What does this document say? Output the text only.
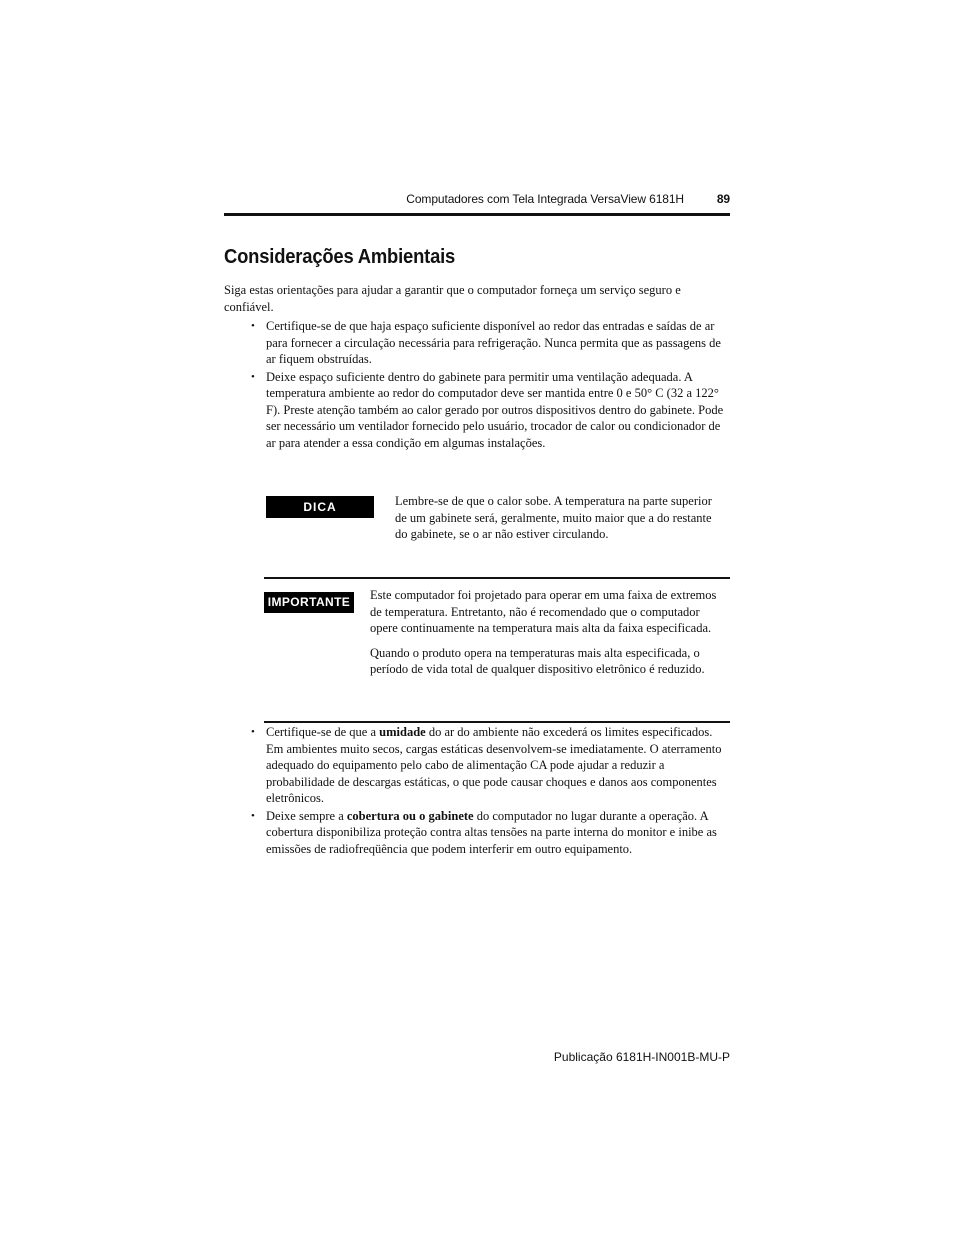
Computadores com Tela Integrada VersaView 6181H	89
Considerações Ambientais

Siga estas orientações para ajudar a garantir que o computador forneça um serviço seguro e confiável.

• Certifique-se de que haja espaço suficiente disponível ao redor das entradas e saídas de ar para fornecer a circulação necessária para refrigeração. Nunca permita que as passagens de ar fiquem obstruídas.
• Deixe espaço suficiente dentro do gabinete para permitir uma ventilação adequada. A temperatura ambiente ao redor do computador deve ser mantida entre 0 e 50° C (32 a 122° F). Preste atenção também ao calor gerado por outros dispositivos dentro do gabinete. Pode ser necessário um ventilador fornecido pelo usuário, trocador de calor ou condicionador de ar para atender a essa condição em algumas instalações.
DICA	Lembre-se de que o calor sobe. A temperatura na parte superior de um gabinete será, geralmente, muito maior que a do restante do gabinete, se o ar não estiver circulando.

IMPORTANTE	Este computador foi projetado para operar em uma faixa de extremos de temperatura. Entretanto, não é recomendado que o computador opere continuamente na temperatura mais alta da faixa especificada.

Quando o produto opera na temperaturas mais alta especificada, o período de vida total de qualquer dispositivo eletrônico é reduzido.

• Certifique-se de que a umidade do ar do ambiente não excederá os limites especificados. Em ambientes muito secos, cargas estáticas desenvolvem-se imediatamente. O aterramento adequado do equipamento pelo cabo de alimentação CA pode ajudar a reduzir a probabilidade de descargas estáticas, o que pode causar choques e danos aos componentes eletrônicos.
• Deixe sempre a cobertura ou o gabinete do computador no lugar durante a operação. A cobertura disponibiliza proteção contra altas tensões na parte interna do monitor e inibe as emissões de radiofreqüência que podem interferir em outro equipamento.
Publicação 6181H-IN001B-MU-P
